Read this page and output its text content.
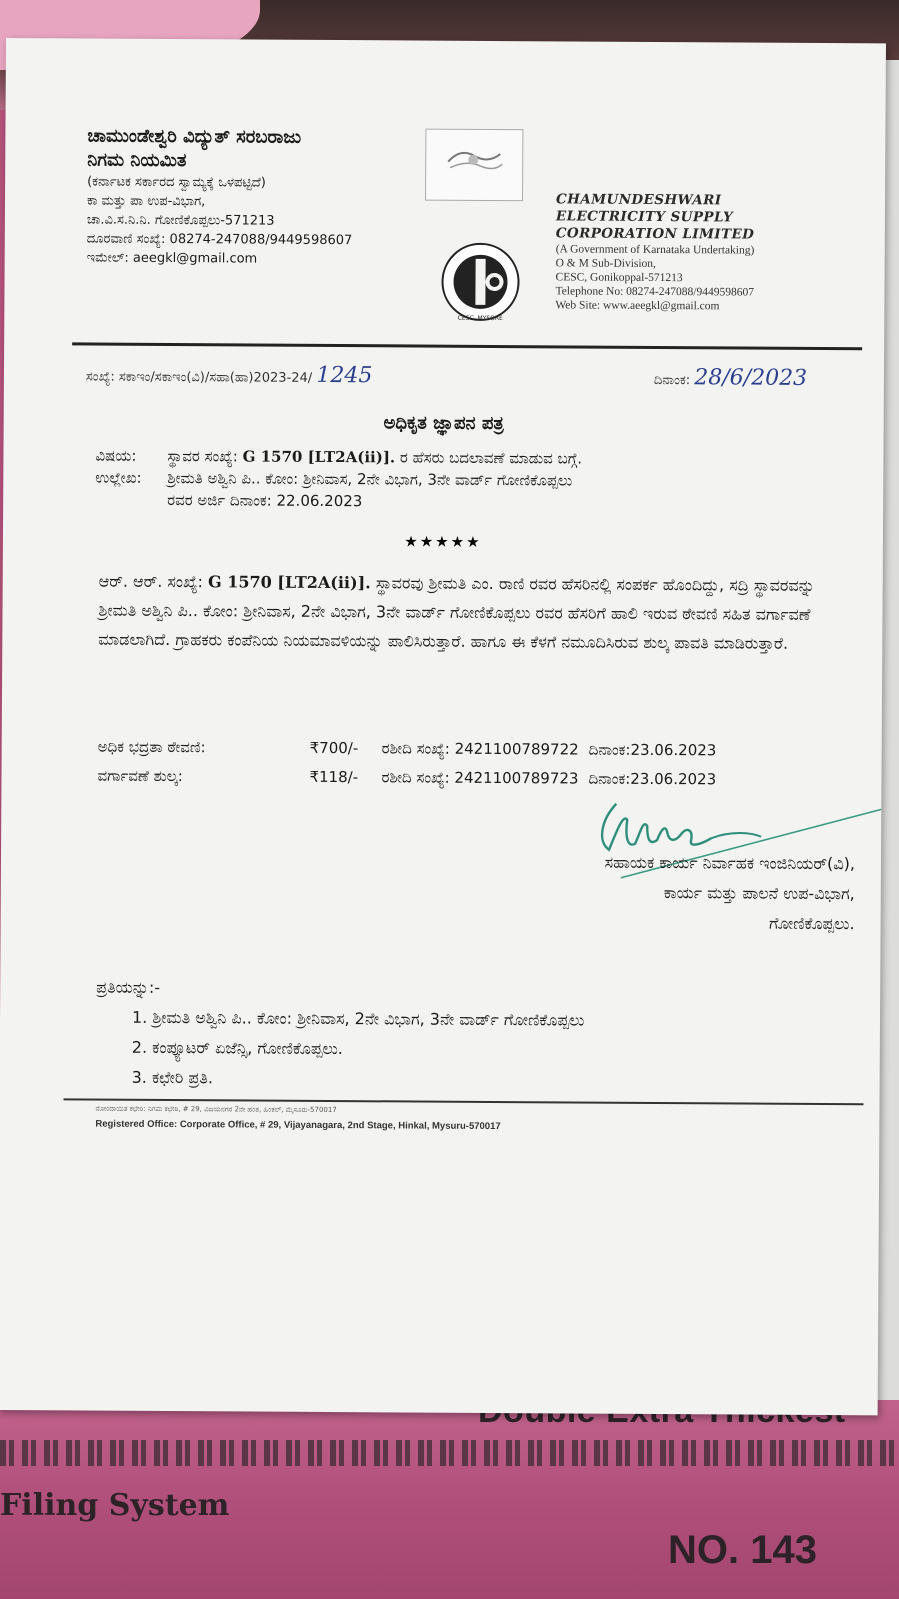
Filing System
NO. 143
ಚಾಮುಂಡೇಶ್ವರಿ ವಿದ್ಯುತ್ ಸರಬರಾಜು
ನಿಗಮ ನಿಯಮಿತ
(ಕರ್ನಾಟಕ ಸರ್ಕಾರದ ಸ್ವಾಮ್ಯಕ್ಕೆ ಒಳಪಟ್ಟಿದೆ)
ಕಾ ಮತ್ತು ಪಾ ಉಪ-ವಿಭಾಗ,
ಚಾ.ವಿ.ಸ.ನಿ.ನಿ. ಗೋಣಿಕೊಪ್ಪಲು-571213
ದೂರವಾಣಿ ಸಂಖ್ಯೆ: 08274-247088/9449598607
ಇಮೇಲ್: aeegkl@gmail.com
CESC, MYSORE
CHAMUNDESHWARI
ELECTRICITY SUPPLY
CORPORATION LIMITED
(A Government of Karnataka Undertaking)
O & M Sub-Division,
CESC, Gonikoppal-571213
Telephone No: 08274-247088/9449598607
Web Site: www.aeegkl@gmail.com
ಸಂಖ್ಯೆ: ಸಕಾಇಂ/ಸಕಾಇಂ(ವಿ)/ಸಹಾ(ಹಾ)2023-24/ 1245	ದಿನಾಂಕ: 28/6/2023
ಅಧಿಕೃತ ಜ್ಞಾಪನ ಪತ್ರ
ವಿಷಯ:	ಸ್ಥಾವರ ಸಂಖ್ಯೆ: G 1570 [LT2A(ii)]. ರ ಹೆಸರು ಬದಲಾವಣೆ ಮಾಡುವ ಬಗ್ಗೆ.
ಉಲ್ಲೇಖ:	ಶ್ರೀಮತಿ ಅಶ್ವಿನಿ ಪಿ.. ಕೋಂ: ಶ್ರೀನಿವಾಸ, 2ನೇ ವಿಭಾಗ, 3ನೇ ವಾರ್ಡ್ ಗೋಣಿಕೊಪ್ಪಲು
ರವರ ಅರ್ಜಿ ದಿನಾಂಕ: 22.06.2023
★★★★★
ಆರ್. ಆರ್. ಸಂಖ್ಯೆ: G 1570 [LT2A(ii)]. ಸ್ಥಾವರವು ಶ್ರೀಮತಿ ಎಂ. ರಾಣಿ ರವರ ಹೆಸರಿನಲ್ಲಿ ಸಂಪರ್ಕ ಹೊಂದಿದ್ದು, ಸದ್ರಿ ಸ್ಥಾವರವನ್ನು ಶ್ರೀಮತಿ ಅಶ್ವಿನಿ ಪಿ.. ಕೋಂ: ಶ್ರೀನಿವಾಸ, 2ನೇ ವಿಭಾಗ, 3ನೇ ವಾರ್ಡ್ ಗೋಣಿಕೊಪ್ಪಲು ರವರ ಹೆಸರಿಗೆ ಹಾಲಿ ಇರುವ ಠೇವಣಿ ಸಹಿತ ವರ್ಗಾವಣೆ ಮಾಡಲಾಗಿದೆ. ಗ್ರಾಹಕರು ಕಂಪೆನಿಯ ನಿಯಮಾವಳಿಯನ್ನು ಪಾಲಿಸಿರುತ್ತಾರೆ. ಹಾಗೂ ಈ ಕೆಳಗೆ ನಮೂದಿಸಿರುವ ಶುಲ್ಕ ಪಾವತಿ ಮಾಡಿರುತ್ತಾರೆ.
ಅಧಿಕ ಭದ್ರತಾ ಠೇವಣಿ:	₹700/-	ರಶೀದಿ ಸಂಖ್ಯೆ: 2421100789722 ದಿನಾಂಕ:23.06.2023
ವರ್ಗಾವಣೆ ಶುಲ್ಕ:	₹118/-	ರಶೀದಿ ಸಂಖ್ಯೆ: 2421100789723 ದಿನಾಂಕ:23.06.2023
ಸಹಾಯಕ ಕಾರ್ಯ ನಿರ್ವಾಹಕ ಇಂಜಿನಿಯರ್(ವಿ),
ಕಾರ್ಯ ಮತ್ತು ಪಾಲನೆ ಉಪ-ವಿಭಾಗ,
ಗೋಣಿಕೊಪ್ಪಲು.
ಪ್ರತಿಯನ್ನು:-
1. ಶ್ರೀಮತಿ ಅಶ್ವಿನಿ ಪಿ.. ಕೋಂ: ಶ್ರೀನಿವಾಸ, 2ನೇ ವಿಭಾಗ, 3ನೇ ವಾರ್ಡ್ ಗೋಣಿಕೊಪ್ಪಲು
2. ಕಂಪ್ಯೂಟರ್ ಏಜೆನ್ಸಿ, ಗೋಣಿಕೊಪ್ಪಲು.
3. ಕಛೇರಿ ಪ್ರತಿ.
ನೋಂದಾಯಿತ ಕಛೇರಿ: ನಿಗಮ ಕಛೇರಿ, # 29, ವಿಜಯನಗರ 2ನೇ ಹಂತ, ಹಿಂಕಲ್, ಮೈಸೂರು-570017
Registered Office: Corporate Office, # 29, Vijayanagara, 2nd Stage, Hinkal, Mysuru-570017
